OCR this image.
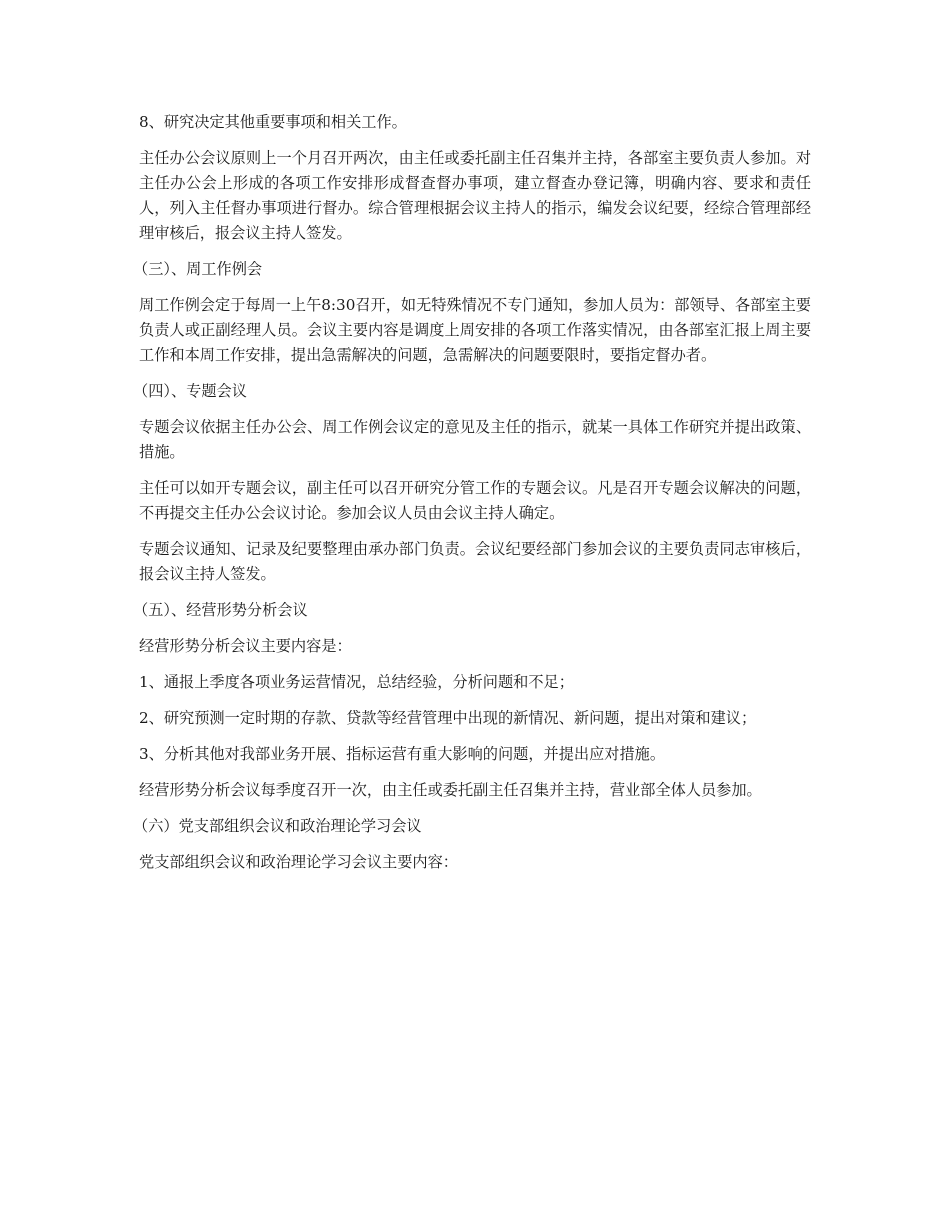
8、研究决定其他重要事项和相关工作。

主任办公会议原则上一个月召开两次，由主任或委托副主任召集并主持，各部室主要负责人参加。对主任办公会上形成的各项工作安排形成督查督办事项，建立督查办登记簿，明确内容、要求和责任人，列入主任督办事项进行督办。综合管理根据会议主持人的指示，编发会议纪要，经综合管理部经理审核后，报会议主持人签发。

（三）、周工作例会

周工作例会定于每周一上午8:30召开，如无特殊情况不专门通知，参加人员为：部领导、各部室主要负责人或正副经理人员。会议主要内容是调度上周安排的各项工作落实情况，由各部室汇报上周主要工作和本周工作安排，提出急需解决的问题，急需解决的问题要限时，要指定督办者。

（四）、专题会议

专题会议依据主任办公会、周工作例会议定的意见及主任的指示，就某一具体工作研究并提出政策、措施。

主任可以如开专题会议，副主任可以召开研究分管工作的专题会议。凡是召开专题会议解决的问题，不再提交主任办公会议讨论。参加会议人员由会议主持人确定。

专题会议通知、记录及纪要整理由承办部门负责。会议纪要经部门参加会议的主要负责同志审核后，报会议主持人签发。

（五）、经营形势分析会议

经营形势分析会议主要内容是：

1、通报上季度各项业务运营情况，总结经验，分析问题和不足；

2、研究预测一定时期的存款、贷款等经营管理中出现的新情况、新问题，提出对策和建议；

3、分析其他对我部业务开展、指标运营有重大影响的问题，并提出应对措施。

经营形势分析会议每季度召开一次，由主任或委托副主任召集并主持，营业部全体人员参加。

（六）党支部组织会议和政治理论学习会议

党支部组织会议和政治理论学习会议主要内容：
